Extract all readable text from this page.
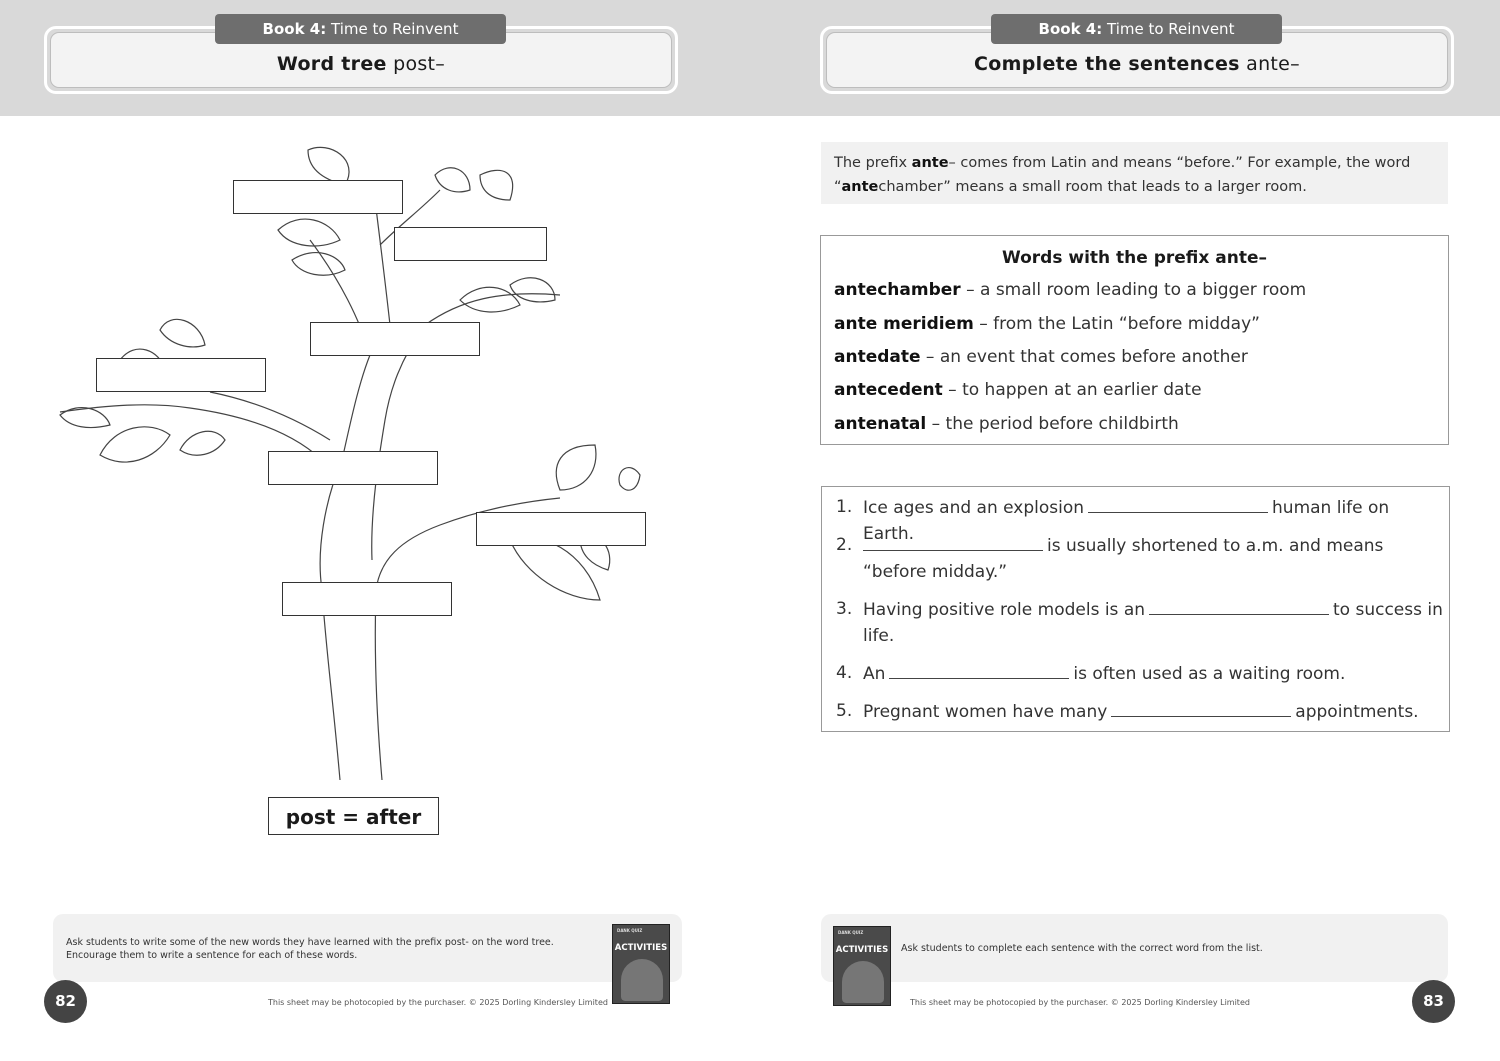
Word tree post–
Book 4: Time to Reinvent
Complete the sentences ante–
Book 4: Time to Reinvent
post = after
The prefix ante– comes from Latin and means “before.” For example, the word
“antechamber” means a small room that leads to a larger room.
Words with the prefix ante–
antechamber – a small room leading to a bigger room
ante meridiem – from the Latin “before midday”
antedate – an event that comes before another
antecedent – to happen at an earlier date
antenatal – the period before childbirth
1. Ice ages and an explosion	human life on Earth.
2.	is usually shortened to a.m. and means “before midday.”
3. Having positive role models is an	to success in life.
4. An	is often used as a waiting room.
5. Pregnant women have many	appointments.
Ask students to write some of the new words they have learned with the prefix post- on the word tree. Encourage them to write a sentence for each of these words.
DANK QUIZ
ACTIVITIES
82	This sheet may be photocopied by the purchaser. © 2025 Dorling Kindersley Limited
Ask students to complete each sentence with the correct word from the list.
DANK QUIZ
ACTIVITIES
This sheet may be photocopied by the purchaser. © 2025 Dorling Kindersley Limited	83
